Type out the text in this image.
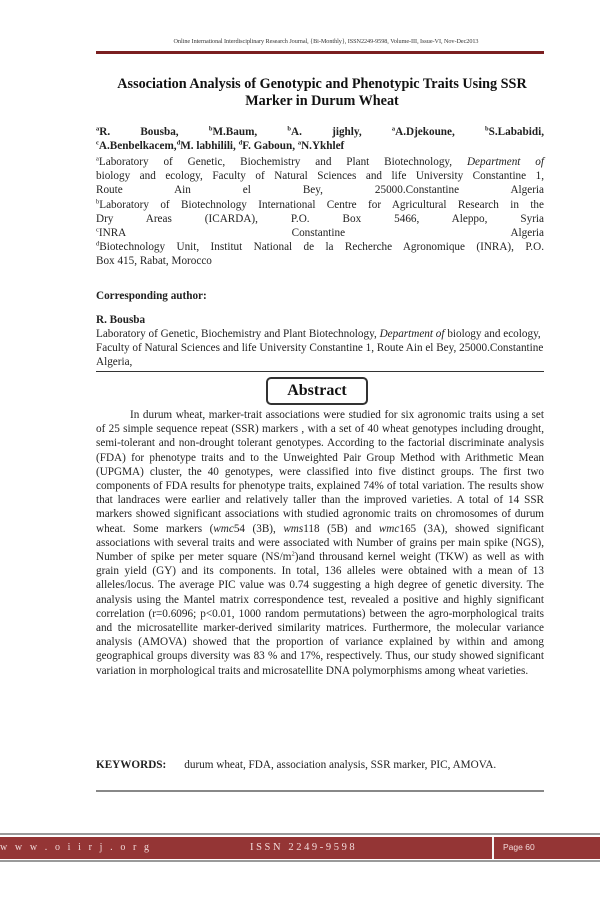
Online International Interdisciplinary Research Journal, {Bi-Monthly}, ISSN2249-9598, Volume-III, Issue-VI, Nov-Dec2013
Association Analysis of Genotypic and Phenotypic Traits Using SSR Marker in Durum Wheat
$^a$R. Bousba,	$^b$M.Baum,	$^b$A. jighly,	$^a$A.Djekoune,	$^b$S.Lababidi,
$^c$A.Benbelkacem,$^d$M. labhilili, $^d$F. Gaboun, $^a$N.Ykhlef
$^a$Laboratory of Genetic, Biochemistry and Plant Biotechnology, Department of
biology and ecology, Faculty of Natural Sciences and life University Constantine 1,
Route Ain el Bey, 25000.Constantine Algeria
$^b$Laboratory of Biotechnology International Centre for Agricultural Research in the
Dry Areas (ICARDA), P.O. Box 5466, Aleppo, Syria
$^c$INRA Constantine Algeria
$^d$Biotechnology Unit, Institut National de la Recherche Agronomique (INRA), P.O.
Box 415, Rabat, Morocco
Corresponding author:
R. Bousba
Laboratory of Genetic, Biochemistry and Plant Biotechnology, Department of biology and ecology, Faculty of Natural Sciences and life University Constantine 1, Route Ain el Bey, 25000.Constantine Algeria,
Abstract

In durum wheat, marker-trait associations were studied for six agronomic traits using a set of 25 simple sequence repeat (SSR) markers , with a set of 40 wheat genotypes including drought, semi-tolerant and non-drought tolerant genotypes. According to the factorial discriminate analysis (FDA) for phenotype traits and to the Unweighted Pair Group Method with Arithmetic Mean (UPGMA) cluster, the 40 genotypes, were classified into five distinct groups. The first two components of FDA results for phenotype traits, explained 74% of total variation. The results show that landraces were earlier and relatively taller than the improved varieties. A total of 14 SSR markers showed significant associations with studied agronomic traits on chromosomes of durum wheat. Some markers (wmc54 (3B), wms118 (5B) and wmc165 (3A), showed significant associations with several traits and were associated with Number of grains per main spike (NGS), Number of spike per meter square $(NS/m^2)and$ throusand kernel weight (TKW) as well as with grain yield (GY) and its components. In total, 136 alleles were obtained with a mean of 13 alleles/locus. The average PIC value was 0.74 suggesting a high degree of genetic diversity. The analysis using the Mantel matrix correspondence test, revealed a positive and highly significant correlation (r=0.6096; p<0.01, 1000 random permutations) between the agro-morphological traits and the microsatellite marker-derived similarity matrices. Furthermore, the molecular variance analysis (AMOVA) showed that the proportion of variance explained by within and among geographical groups diversity was 83 % and 17%, respectively. Thus, our study showed significant variation in morphological traits and microsatellite DNA polymorphisms among wheat varieties.

KEYWORDS: durum wheat, FDA, association analysis, SSR marker, PIC, AMOVA.
w w w . o i i r j . o r g	ISSN 2249-9598	Page 60
